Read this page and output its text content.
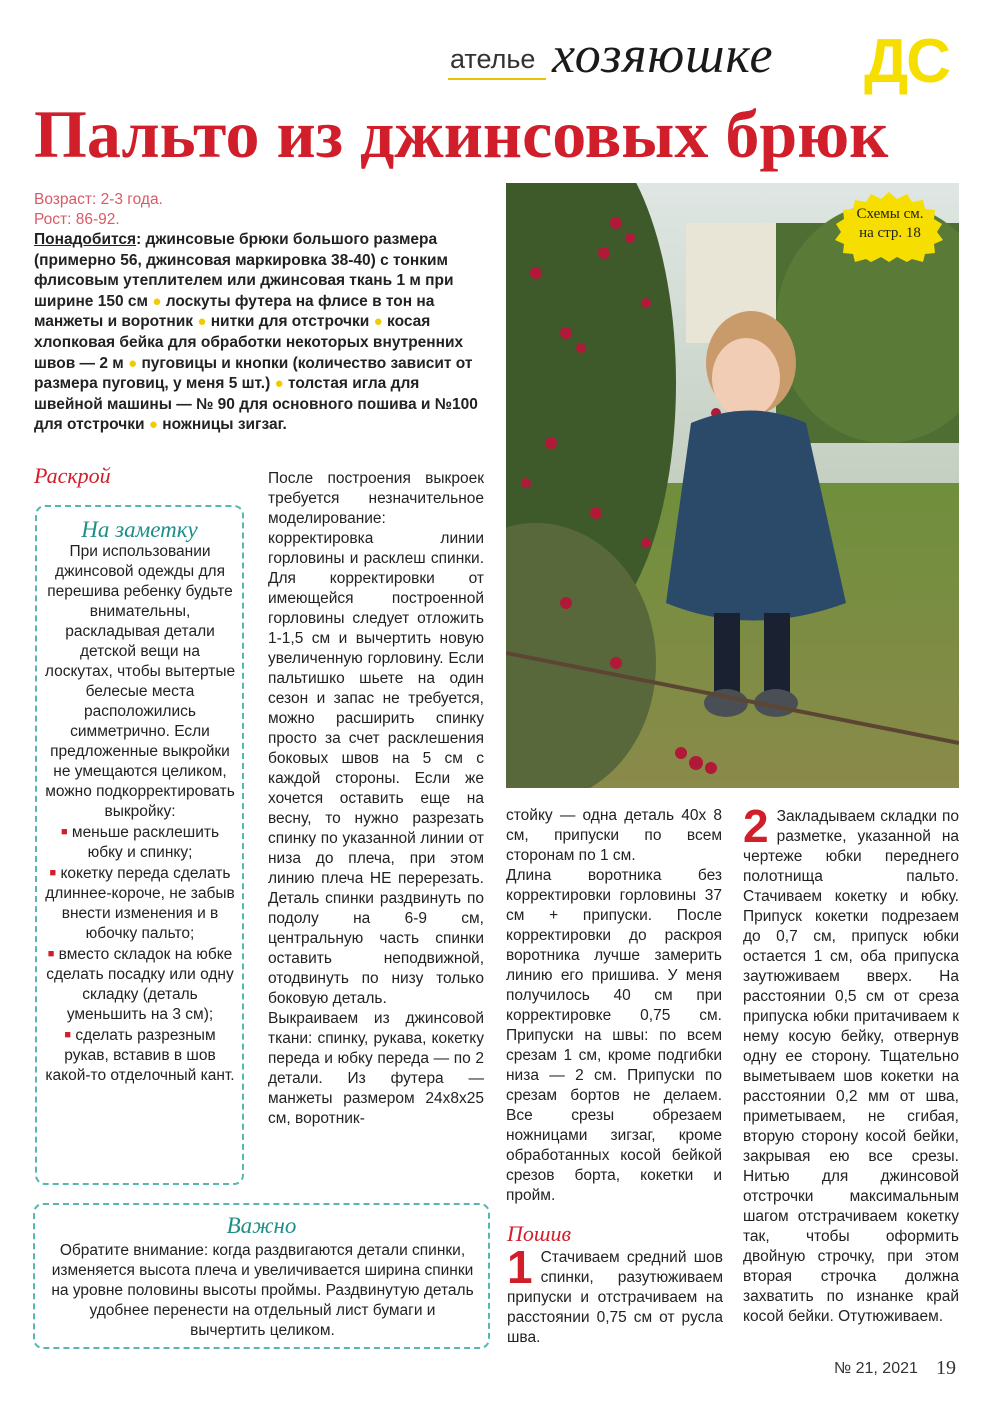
ателье хозяюшке ДС
Пальто из джинсовых брюк
Возраст: 2-3 года.
Рост: 86-92.
Понадобится: джинсовые брюки большого размера (примерно 56, джинсовая маркировка 38-40) с тонким флисовым утеплителем или джинсовая ткань 1 м при ширине 150 см ● лоскуты футера на флисе в тон на манжеты и воротник ● нитки для отстрочки ● косая хлопковая бейка для обработки некоторых внутренних швов — 2 м ● пуговицы и кнопки (количество зависит от размера пуговиц, у меня 5 шт.) ● толстая игла для швейной машины — № 90 для основного пошива и №100 для отстрочки ● ножницы зигзаг.
Раскрой
На заметку
При использовании джинсовой одежды для перешива ребенку будьте внимательны, раскладывая детали детской вещи на лоскутах, чтобы вытертые белесые места расположились симметрично. Если предложенные выкройки не умещаются целиком, можно подкорректировать выкройку:
■ меньше расклешить юбку и спинку;
■ кокетку переда сделать длиннее-короче, не забыв внести изменения и в юбочку пальто;
■ вместо складок на юбке сделать посадку или одну складку (деталь уменьшить на 3 см);
■ сделать разрезным рукав, вставив в шов какой-то отделочный кант.
Важно
Обратите внимание: когда раздвигаются детали спинки, изменяется высота плеча и увеличивается ширина спинки на уровне половины высоты проймы. Раздвинутую деталь удобнее перенести на отдельный лист бумаги и вычертить целиком.

После построения выкроек требуется незначительное моделирование: корректировка линии горловины и расклеш спинки. Для корректировки от имеющейся построенной горловины следует отложить 1-1,5 см и вычертить новую увеличенную горловину. Если пальтишко шьете на один сезон и запас не требуется, можно расширить спинку просто за счет расклешения боковых швов на 5 см с каждой стороны. Если же хочется оставить еще на весну, то нужно разрезать спинку по указанной линии от низа до плеча, при этом линию плеча НЕ перерезать. Деталь спинки раздвинуть по подолу на 6-9 см, центральную часть спинки оставить неподвижной, отодвинуть по низу только боковую деталь.

Выкраиваем из джинсовой ткани: спинку, рукава, кокетку переда и юбку переда — по 2 детали. Из футера — манжеты размером 24х8х25 см, воротник-

стойку — одна деталь 40х 8 см, припуски по всем сторонам по 1 см.

Длина воротника без корректировки горловины 37 см + припуски. После корректировки до раскроя воротника лучше замерить линию его пришива. У меня получилось 40 см при корректировке 0,75 см. Припуски на швы: по всем срезам 1 см, кроме подгибки низа — 2 см. Припуски по срезам бортов не делаем. Все срезы обрезаем ножницами зигзаг, кроме обработанных косой бейкой срезов борта, кокетки и пройм.

Пошив
1 Стачиваем средний шов спинки, разутюживаем припуски и отстрачиваем на расстоянии 0,75 см от русла шва.
2 Закладываем складки по разметке, указанной на чертеже юбки переднего полотнища пальто. Стачиваем кокетку и юбку. Припуск кокетки подрезаем до 0,7 см, припуск юбки остается 1 см, оба припуска заутюживаем вверх. На расстоянии 0,5 см от среза припуска юбки притачиваем к нему косую бейку, отвернув одну ее сторону. Тщательно выметываем шов кокетки на расстоянии 0,2 мм от шва, приметываем, не сгибая, вторую сторону косой бейки, закрывая ею все срезы. Нитью для джинсовой отстрочки максимальным шагом отстрачиваем кокетку так, чтобы оформить двойную строчку, при этом вторая строчка должна захватить по изнанке край косой бейки. Отутюживаем.
Схемы см.
на стр. 18
№ 21, 2021 19
